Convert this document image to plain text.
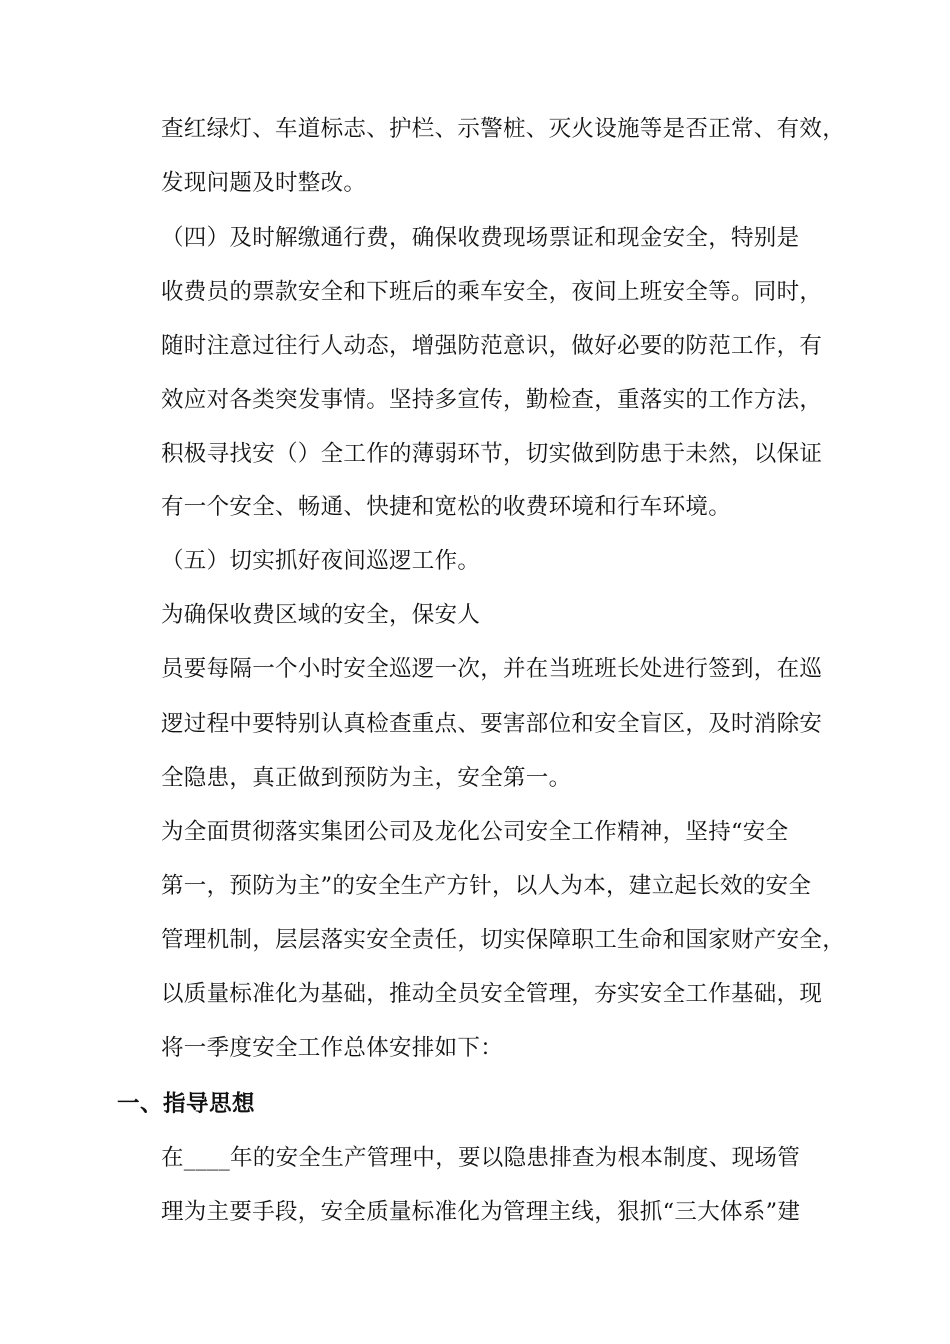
查红绿灯、车道标志、护栏、示警桩、灭火设施等是否正常、有效，
发现问题及时整改。
（四）及时解缴通行费，确保收费现场票证和现金安全，特别是
收费员的票款安全和下班后的乘车安全，夜间上班安全等。同时，
随时注意过往行人动态，增强防范意识，做好必要的防范工作，有
效应对各类突发事情。坚持多宣传，勤检查，重落实的工作方法，
积极寻找安（）全工作的薄弱环节，切实做到防患于未然，以保证
有一个安全、畅通、快捷和宽松的收费环境和行车环境。
（五）切实抓好夜间巡逻工作。
为确保收费区域的安全，保安人
员要每隔一个小时安全巡逻一次，并在当班班长处进行签到，在巡
逻过程中要特别认真检查重点、要害部位和安全盲区，及时消除安
全隐患，真正做到预防为主，安全第一。
为全面贯彻落实集团公司及龙化公司安全工作精神，坚持“安全
第一，预防为主”的安全生产方针，以人为本，建立起长效的安全
管理机制，层层落实安全责任，切实保障职工生命和国家财产安全，
以质量标准化为基础，推动全员安全管理，夯实安全工作基础，现
将一季度安全工作总体安排如下：
一、指导思想
在____年的安全生产管理中，要以隐患排查为根本制度、现场管
理为主要手段，安全质量标准化为管理主线，狠抓“三大体系”建
